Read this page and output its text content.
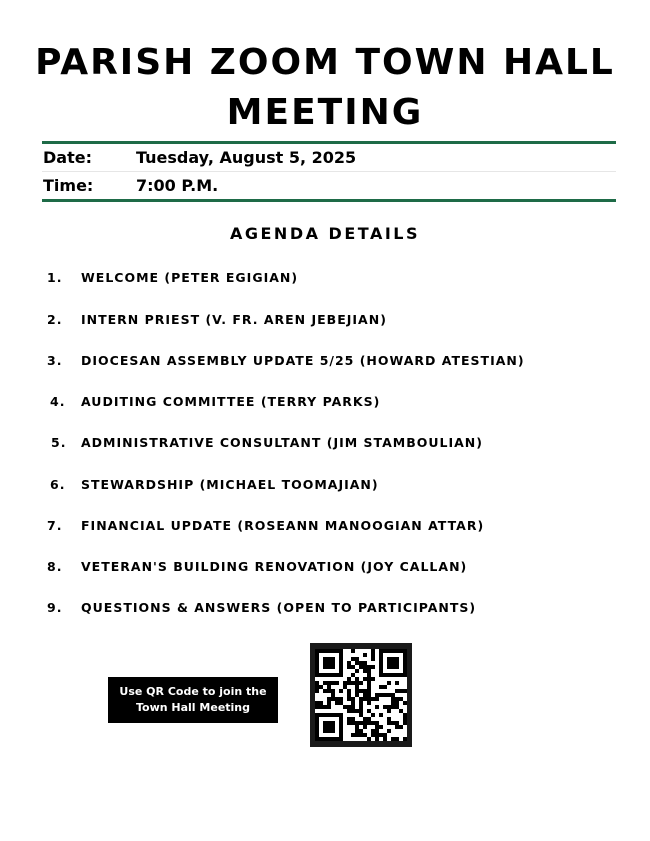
PARISH ZOOM TOWN HALL
MEETING
Date:	Tuesday, August 5, 2025
Time:	7:00 P.M.
AGENDA DETAILS
1. WELCOME (PETER EGIGIAN)
2. INTERN PRIEST (V. FR. AREN JEBEJIAN)
3. DIOCESAN ASSEMBLY UPDATE 5/25 (HOWARD ATESTIAN)
4. AUDITING COMMITTEE (TERRY PARKS)
5. ADMINISTRATIVE CONSULTANT (JIM STAMBOULIAN)
6. STEWARDSHIP (MICHAEL TOOMAJIAN)
7. FINANCIAL UPDATE (ROSEANN MANOOGIAN ATTAR)
8. VETERAN'S BUILDING RENOVATION (JOY CALLAN)
9. QUESTIONS & ANSWERS (OPEN TO PARTICIPANTS)
Use QR Code to join the
Town Hall Meeting
